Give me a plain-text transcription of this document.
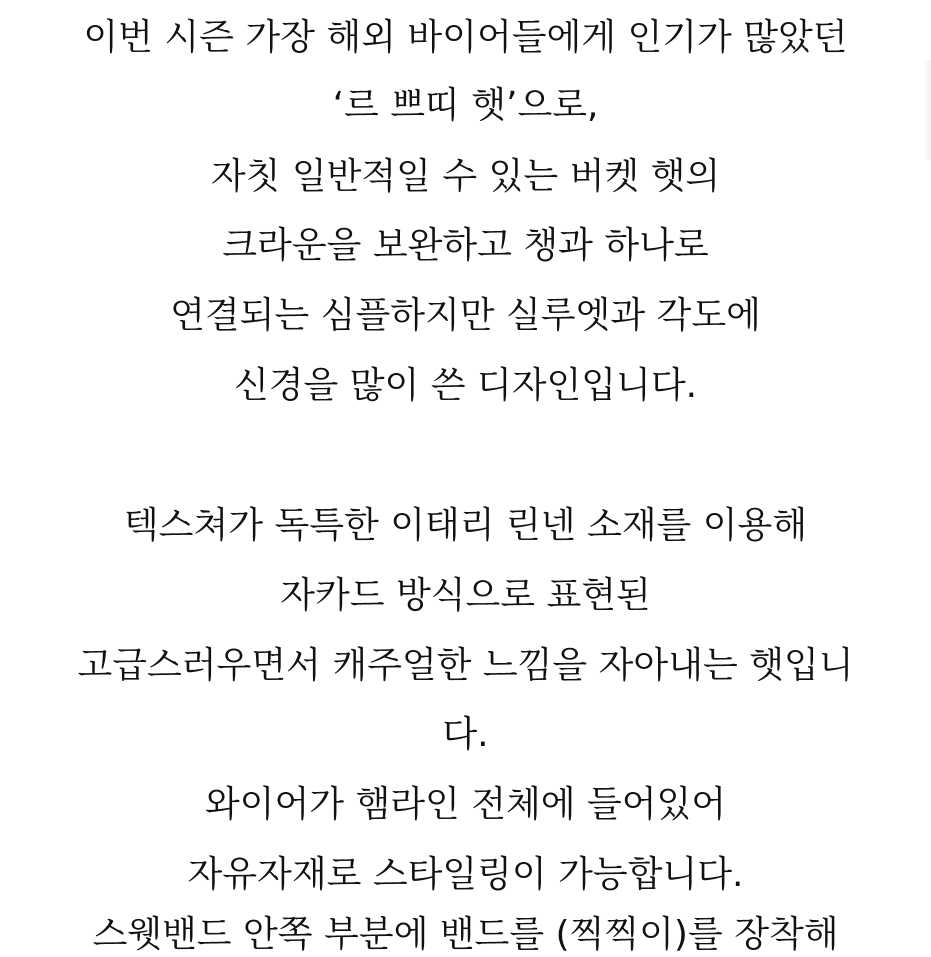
이번 시즌 가장 해외 바이어들에게 인기가 많았던
‘르 쁘띠 햇’으로,
자칫 일반적일 수 있는 버켓 햇의
크라운을 보완하고 챙과 하나로
연결되는 심플하지만 실루엣과 각도에
신경을 많이 쓴 디자인입니다.
텍스쳐가 독특한 이태리 린넨 소재를 이용해
자카드 방식으로 표현된
고급스러우면서 캐주얼한 느낌을 자아내는 햇입니
다.
와이어가 햄라인 전체에 들어있어
자유자재로 스타일링이 가능합니다.
스웻밴드 안쪽 부분에 밴드를 (찍찍이)를 장착해
